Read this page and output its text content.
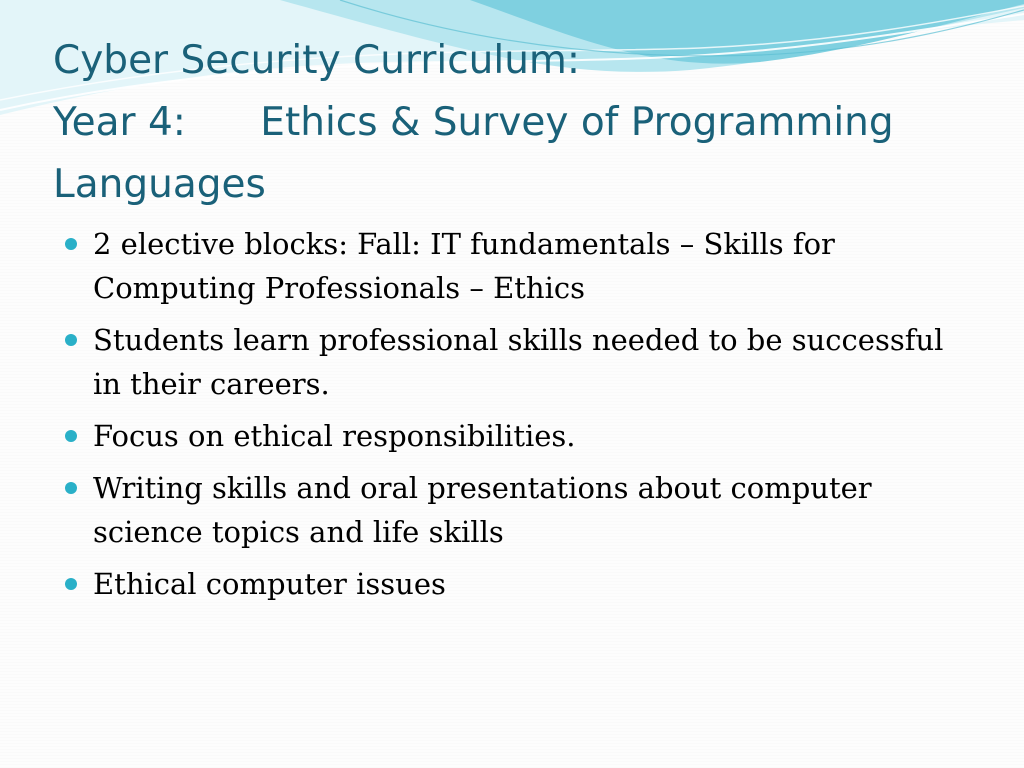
Cyber Security Curriculum:
Year 4:      Ethics & Survey of Programming
Languages
2 elective blocks: Fall: IT fundamentals – Skills for Computing Professionals – Ethics
Students learn professional skills needed to be successful in their careers.
Focus on ethical responsibilities.
Writing skills and oral presentations about computer science topics and life skills
Ethical computer issues
